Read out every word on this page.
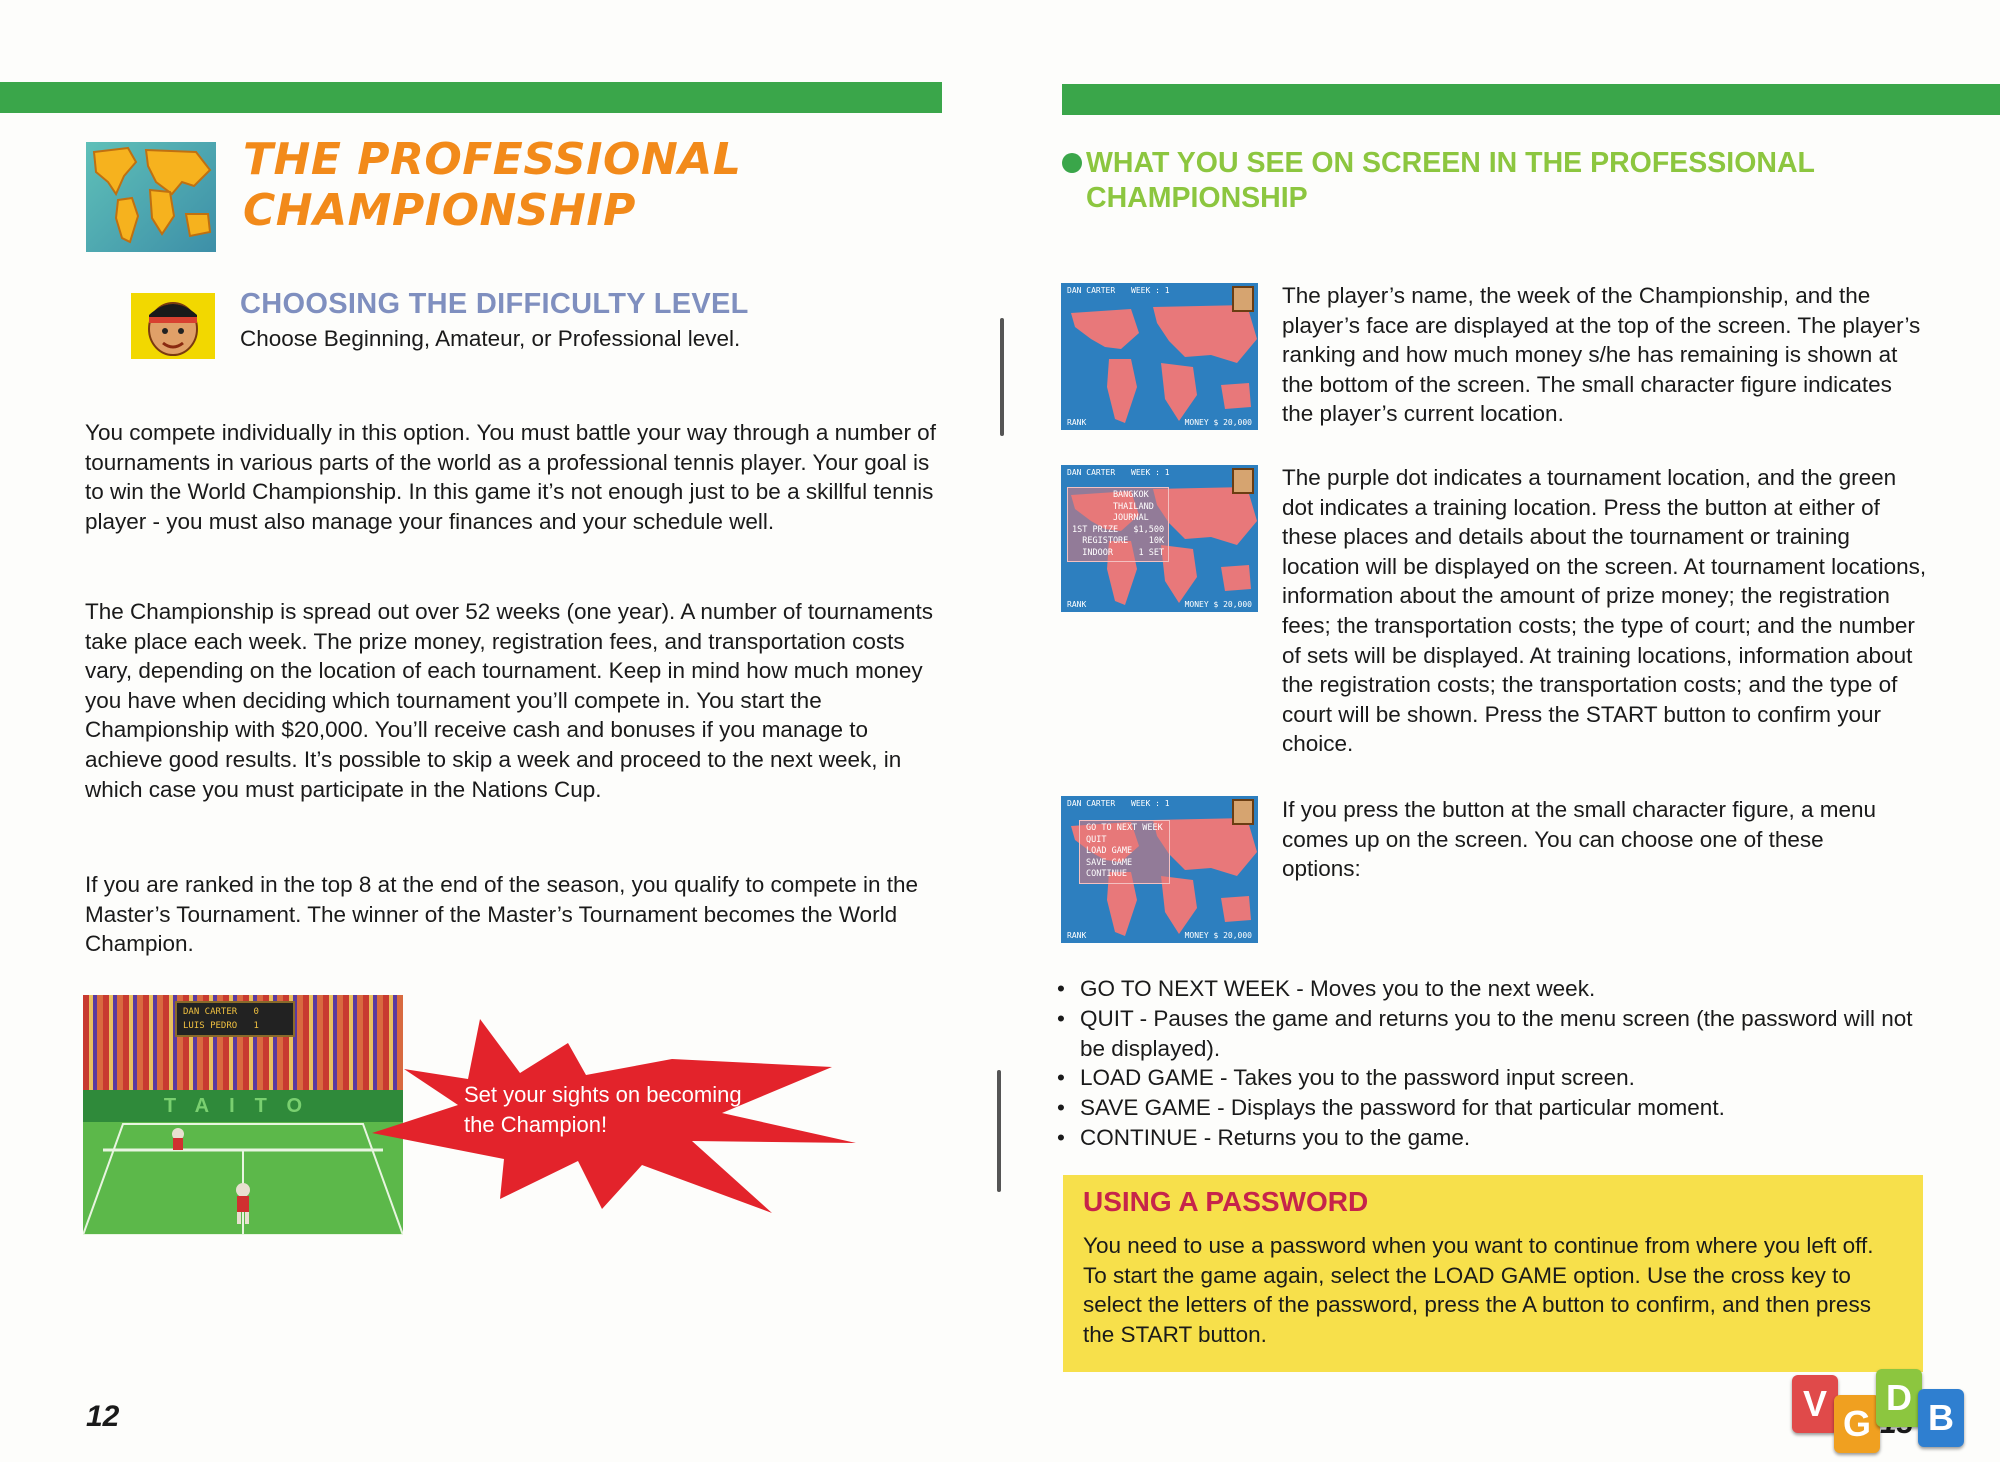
THE PROFESSIONAL
CHAMPIONSHIP
CHOOSING THE DIFFICULTY LEVEL
Choose Beginning, Amateur, or Professional level.
You compete individually in this option. You must battle your way through a number of tournaments in various parts of the world as a professional tennis player. Your goal is to win the World Championship. In this game it’s not enough just to be a skillful tennis player - you must also manage your finances and your schedule well.
The Championship is spread out over 52 weeks (one year). A number of tournaments take place each week. The prize money, registration fees, and transportation costs vary, depending on the location of each tournament. Keep in mind how much money you have when deciding which tournament you’ll compete in. You start the Championship with $20,000. You’ll receive cash and bonuses if you manage to achieve good results. It’s possible to skip a week and proceed to the next week, in which case you must participate in the Nations Cup.
If you are ranked in the top 8 at the end of the season, you qualify to compete in the Master’s Tournament. The winner of the Master’s Tournament becomes the World Champion.
DAN CARTER 0
LUIS PEDRO 1
TAITO	Set your sights on becoming the Champion!
12
WHAT YOU SEE ON SCREEN IN THE PROFESSIONAL
CHAMPIONSHIP
DAN CARTER WEEK : 1
RANK	MONEY $ 20,000
The player’s name, the week of the Championship, and the player’s face are displayed at the top of the screen. The player’s ranking and how much money s/he has remaining is shown at the bottom of the screen. The small character figure indicates the player’s current location.
DAN CARTER WEEK : 1
BANGKOK
THAILAND
JOURNAL
1ST PRIZE   $1,500
REGISTORE    10K
INDOOR     1 SET
RANK	MONEY $ 20,000
The purple dot indicates a tournament location, and the green dot indicates a training location. Press the button at either of these places and details about the tournament or training location will be displayed on the screen. At tournament locations, information about the amount of prize money; the registration fees; the transportation costs; the type of court; and the number of sets will be displayed. At training locations, information about the registration costs; the transportation costs; and the type of court will be shown. Press the START button to confirm your choice.
DAN CARTER WEEK : 1
GO TO NEXT WEEK
QUIT
LOAD GAME
SAVE GAME
CONTINUE
RANK	MONEY $ 20,000
If you press the button at the small character figure, a menu comes up on the screen. You can choose one of these options:
• GO TO NEXT WEEK - Moves you to the next week.
• QUIT - Pauses the game and returns you to the menu screen (the password will not be displayed).
• LOAD GAME - Takes you to the password input screen.
• SAVE GAME - Displays the password for that particular moment.
• CONTINUE - Returns you to the game.
USING A PASSWORD
You need to use a password when you want to continue from where you left off. To start the game again, select the LOAD GAME option. Use the cross key to select the letters of the password, press the A button to confirm, and then press the START button.
V GD B
